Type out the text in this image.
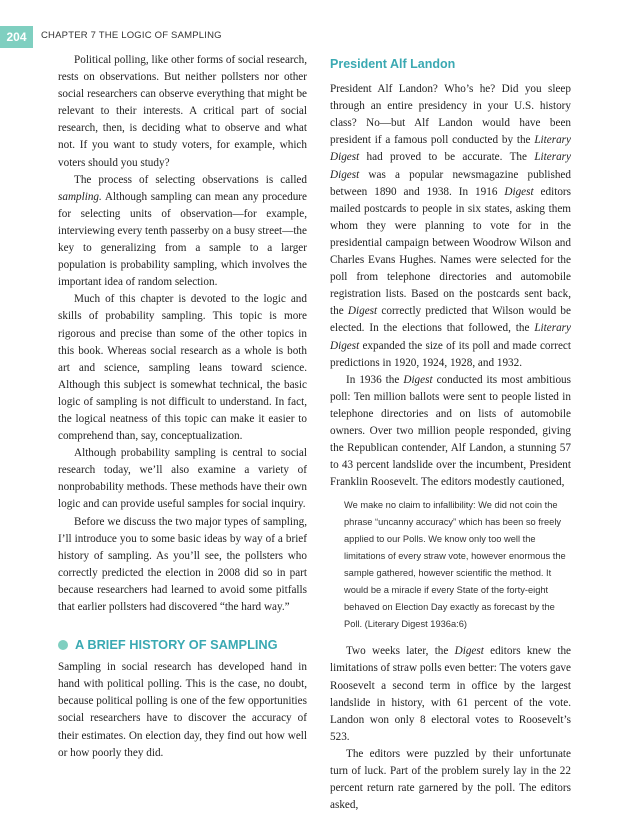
204	CHAPTER 7 THE LOGIC OF SAMPLING

Political polling, like other forms of social research, rests on observations. But neither pollsters nor other social researchers can observe everything that might be relevant to their interests. A critical part of social research, then, is deciding what to observe and what not. If you want to study voters, for example, which voters should you study?

The process of selecting observations is called sampling. Although sampling can mean any procedure for selecting units of observation—for example, interviewing every tenth passerby on a busy street—the key to generalizing from a sample to a larger population is probability sampling, which involves the important idea of random selection.

Much of this chapter is devoted to the logic and skills of probability sampling. This topic is more rigorous and precise than some of the other topics in this book. Whereas social research as a whole is both art and science, sampling leans toward science. Although this subject is somewhat technical, the basic logic of sampling is not difficult to understand. In fact, the logical neatness of this topic can make it easier to comprehend than, say, conceptualization.

Although probability sampling is central to social research today, we’ll also examine a variety of nonprobability methods. These methods have their own logic and can provide useful samples for social inquiry.

Before we discuss the two major types of sampling, I’ll introduce you to some basic ideas by way of a brief history of sampling. As you’ll see, the pollsters who correctly predicted the election in 2008 did so in part because researchers had learned to avoid some pitfalls that earlier pollsters had discovered “the hard way.”

A BRIEF HISTORY OF SAMPLING

Sampling in social research has developed hand in hand with political polling. This is the case, no doubt, because political polling is one of the few opportunities social researchers have to discover the accuracy of their estimates. On election day, they find out how well or how poorly they did.

President Alf Landon

President Alf Landon? Who’s he? Did you sleep through an entire presidency in your U.S. history class? No—but Alf Landon would have been president if a famous poll conducted by the Literary Digest had proved to be accurate. The Literary Digest was a popular newsmagazine published between 1890 and 1938. In 1916 Digest editors mailed postcards to people in six states, asking them whom they were planning to vote for in the presidential campaign between Woodrow Wilson and Charles Evans Hughes. Names were selected for the poll from telephone directories and automobile registration lists. Based on the postcards sent back, the Digest correctly predicted that Wilson would be elected. In the elections that followed, the Literary Digest expanded the size of its poll and made correct predictions in 1920, 1924, 1928, and 1932.

In 1936 the Digest conducted its most ambitious poll: Ten million ballots were sent to people listed in telephone directories and on lists of automobile owners. Over two million people responded, giving the Republican contender, Alf Landon, a stunning 57 to 43 percent landslide over the incumbent, President Franklin Roosevelt. The editors modestly cautioned,

We make no claim to infallibility: We did not coin the phrase “uncanny accuracy” which has been so freely applied to our Polls. We know only too well the limitations of every straw vote, however enormous the sample gathered, however scientific the method. It would be a miracle if every State of the forty-eight behaved on Election Day exactly as forecast by the Poll. (Literary Digest 1936a:6)

Two weeks later, the Digest editors knew the limitations of straw polls even better: The voters gave Roosevelt a second term in office by the largest landslide in history, with 61 percent of the vote. Landon won only 8 electoral votes to Roosevelt’s 523.

The editors were puzzled by their unfortunate turn of luck. Part of the problem surely lay in the 22 percent return rate garnered by the poll. The editors asked,
